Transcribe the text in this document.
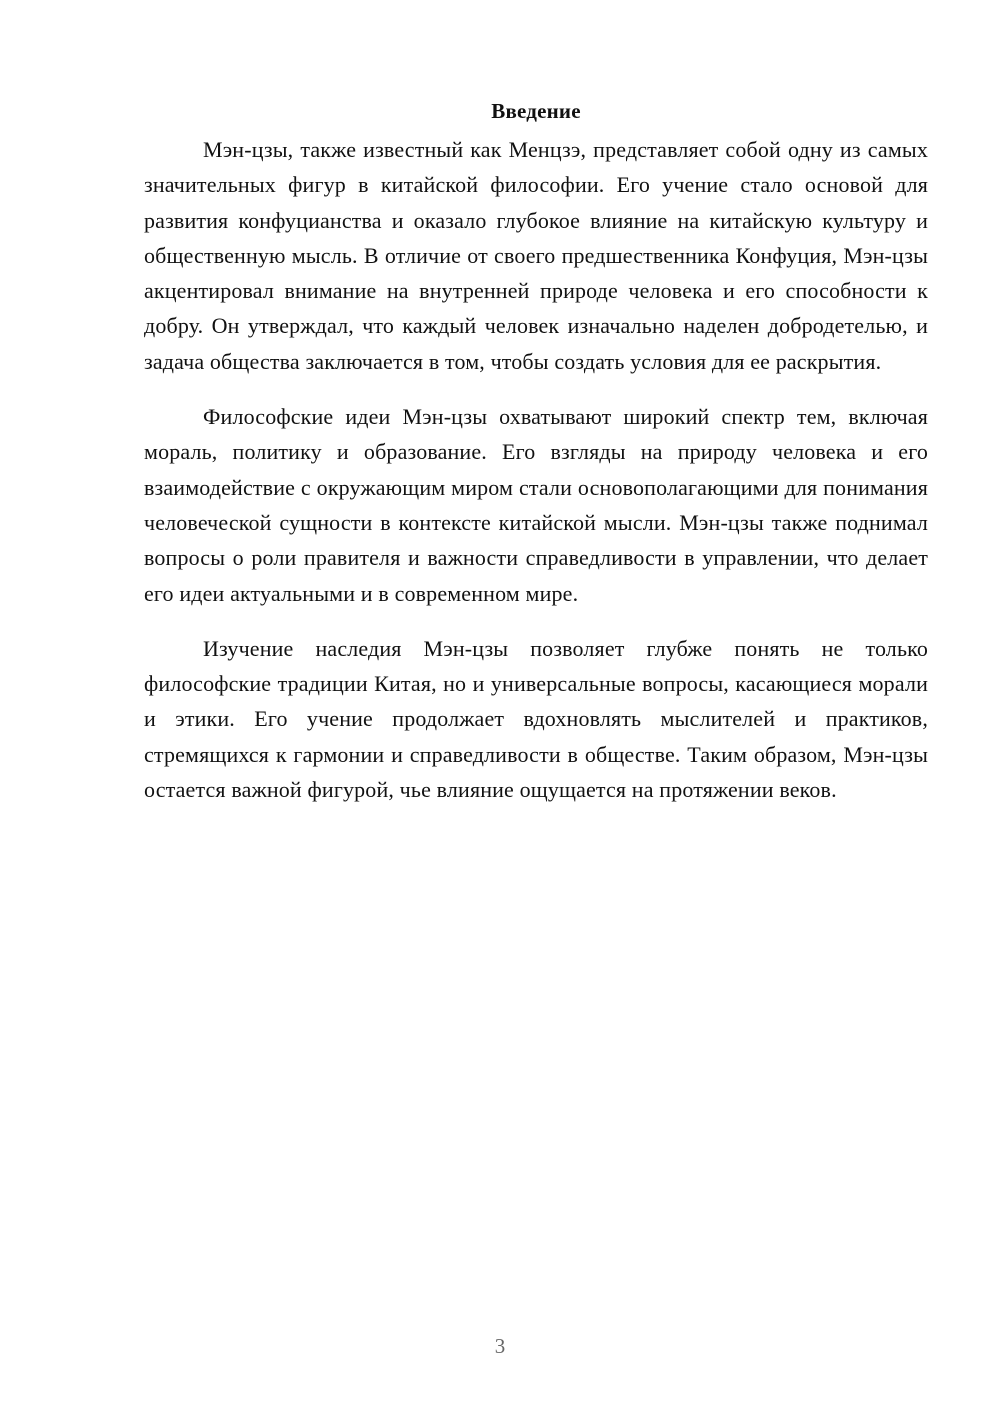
Введение

Мэн-цзы, также известный как Менцзэ, представляет собой одну из самых значительных фигур в китайской философии. Его учение стало основой для развития конфуцианства и оказало глубокое влияние на китайскую культуру и общественную мысль. В отличие от своего предшественника Конфуция, Мэн-цзы акцентировал внимание на внутренней природе человека и его способности к добру. Он утверждал, что каждый человек изначально наделен добродетелью, и задача общества заключается в том, чтобы создать условия для ее раскрытия.

Философские идеи Мэн-цзы охватывают широкий спектр тем, включая мораль, политику и образование. Его взгляды на природу человека и его взаимодействие с окружающим миром стали основополагающими для понимания человеческой сущности в контексте китайской мысли. Мэн-цзы также поднимал вопросы о роли правителя и важности справедливости в управлении, что делает его идеи актуальными и в современном мире.

Изучение наследия Мэн-цзы позволяет глубже понять не только философские традиции Китая, но и универсальные вопросы, касающиеся морали и этики. Его учение продолжает вдохновлять мыслителей и практиков, стремящихся к гармонии и справедливости в обществе. Таким образом, Мэн-цзы остается важной фигурой, чье влияние ощущается на протяжении веков.

3
